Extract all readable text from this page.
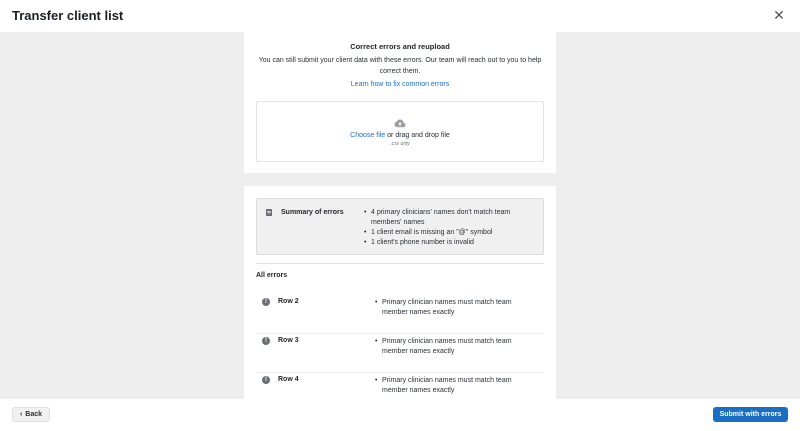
Transfer client list	✕
Correct errors and reupload
You can still submit your client data with these errors. Our team will reach out to you to help correct them.
Learn how to fix common errors
Choose file or drag and drop file
.csv only
Summary of errors	• 4 primary clinicians' names don't match team members' names
• 1 client email is missing an "@" symbol
• 1 client's phone number is invalid
All errors
!	Row 2	• Primary clinician names must match team member names exactly
!	Row 3	• Primary clinician names must match team member names exactly
!	Row 4	• Primary clinician names must match team member names exactly
‹ Back	Submit with errors
